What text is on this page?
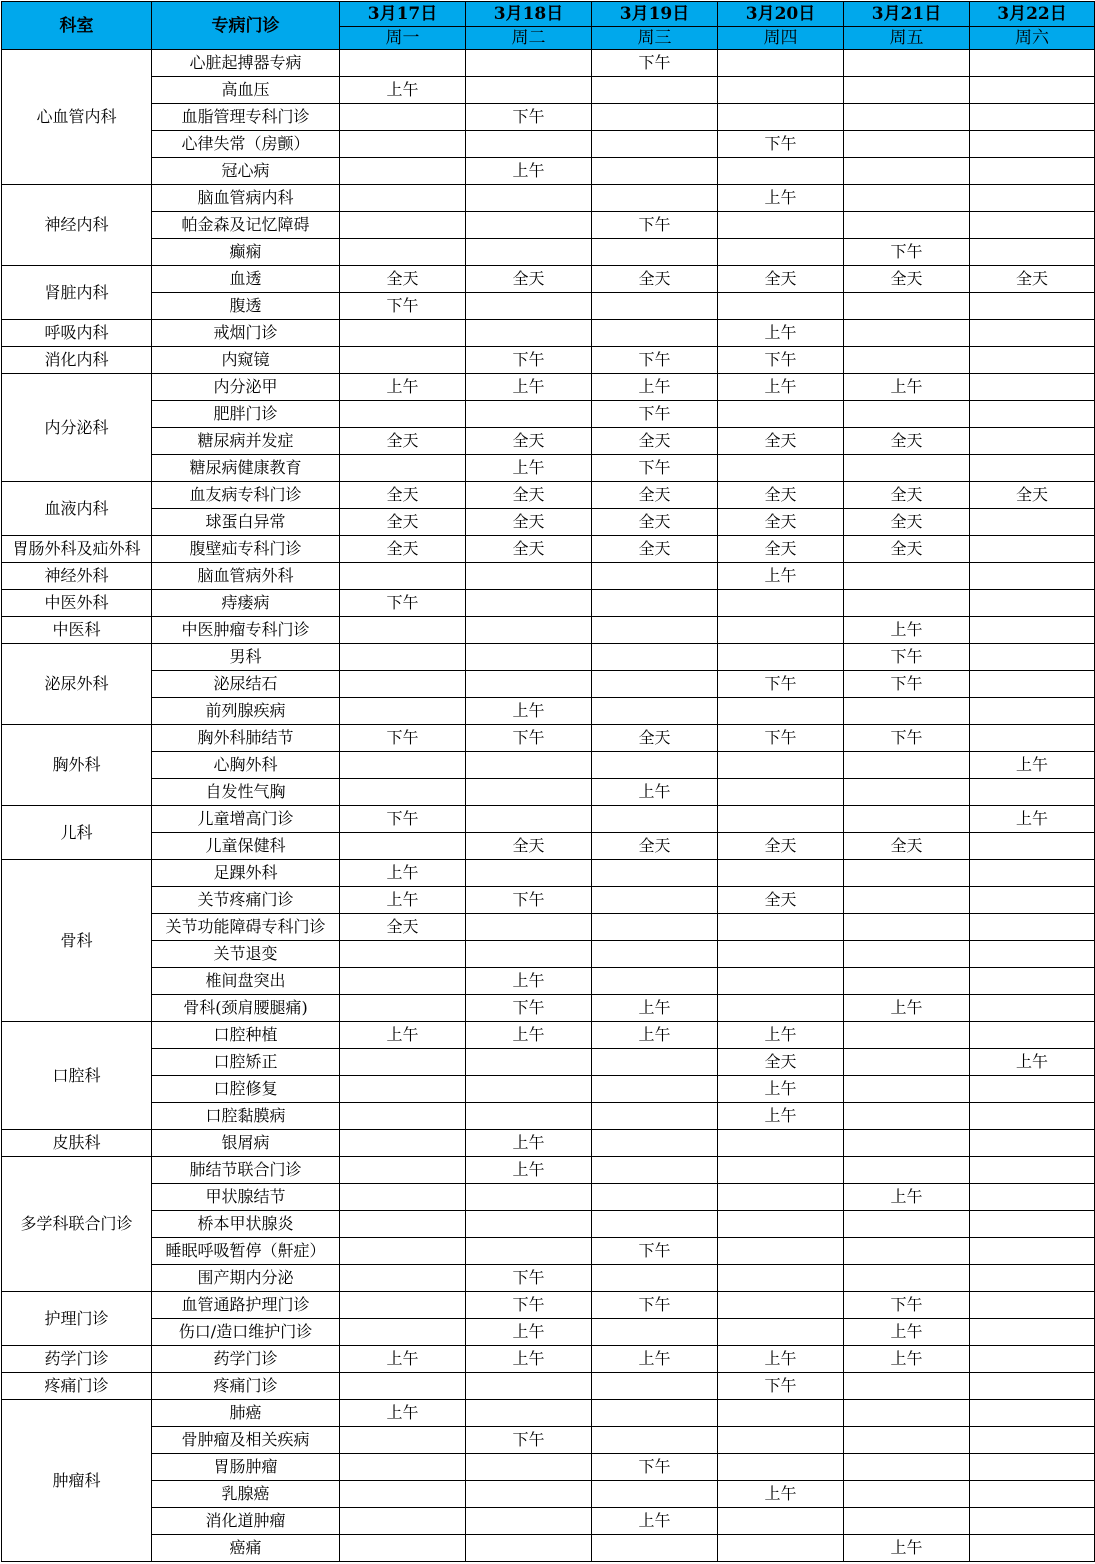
科室	专病门诊	3月17日	3月18日	3月19日	3月20日	3月21日	3月22日
		周一	周二	周三	周四	周五	周六
心血管内科	心脏起搏器专病			下午			
	高血压	上午					
	血脂管理专科门诊		下午				
	心律失常（房颤）				下午		
	冠心病		上午				
神经内科	脑血管病内科				上午		
	帕金森及记忆障碍			下午			
	癫痫					下午	
肾脏内科	血透	全天	全天	全天	全天	全天	全天
	腹透	下午					
呼吸内科	戒烟门诊				上午		
消化内科	内窥镜		下午	下午	下午		
内分泌科	内分泌甲	上午	上午	上午	上午	上午	
	肥胖门诊			下午			
	糖尿病并发症	全天	全天	全天	全天	全天	
	糖尿病健康教育		上午	下午			
血液内科	血友病专科门诊	全天	全天	全天	全天	全天	全天
	球蛋白异常	全天	全天	全天	全天	全天	
胃肠外科及疝外科	腹壁疝专科门诊	全天	全天	全天	全天	全天	
神经外科	脑血管病外科				上午		
中医外科	痔瘘病	下午					
中医科	中医肿瘤专科门诊					上午	
泌尿外科	男科					下午	
	泌尿结石				下午	下午	
	前列腺疾病		上午				
胸外科	胸外科肺结节	下午	下午	全天	下午	下午	
	心胸外科						上午
	自发性气胸			上午			
儿科	儿童增高门诊	下午					上午
	儿童保健科		全天	全天	全天	全天	
骨科	足踝外科	上午					
	关节疼痛门诊	上午	下午		全天		
	关节功能障碍专科门诊	全天					
	关节退变						
	椎间盘突出		上午				
	骨科(颈肩腰腿痛)		下午	上午		上午	
口腔科	口腔种植	上午	上午	上午	上午		
	口腔矫正				全天		上午
	口腔修复				上午		
	口腔黏膜病				上午		
皮肤科	银屑病		上午				
多学科联合门诊	肺结节联合门诊		上午				
	甲状腺结节					上午	
	桥本甲状腺炎						
	睡眠呼吸暂停（鼾症）			下午			
	围产期内分泌		下午				
护理门诊	血管通路护理门诊		下午	下午		下午	
	伤口/造口维护门诊		上午			上午	
药学门诊	药学门诊	上午	上午	上午	上午	上午	
疼痛门诊	疼痛门诊				下午		
肿瘤科	肺癌	上午					
	骨肿瘤及相关疾病		下午				
	胃肠肿瘤			下午			
	乳腺癌				上午		
	消化道肿瘤			上午			
	癌痛					上午	
